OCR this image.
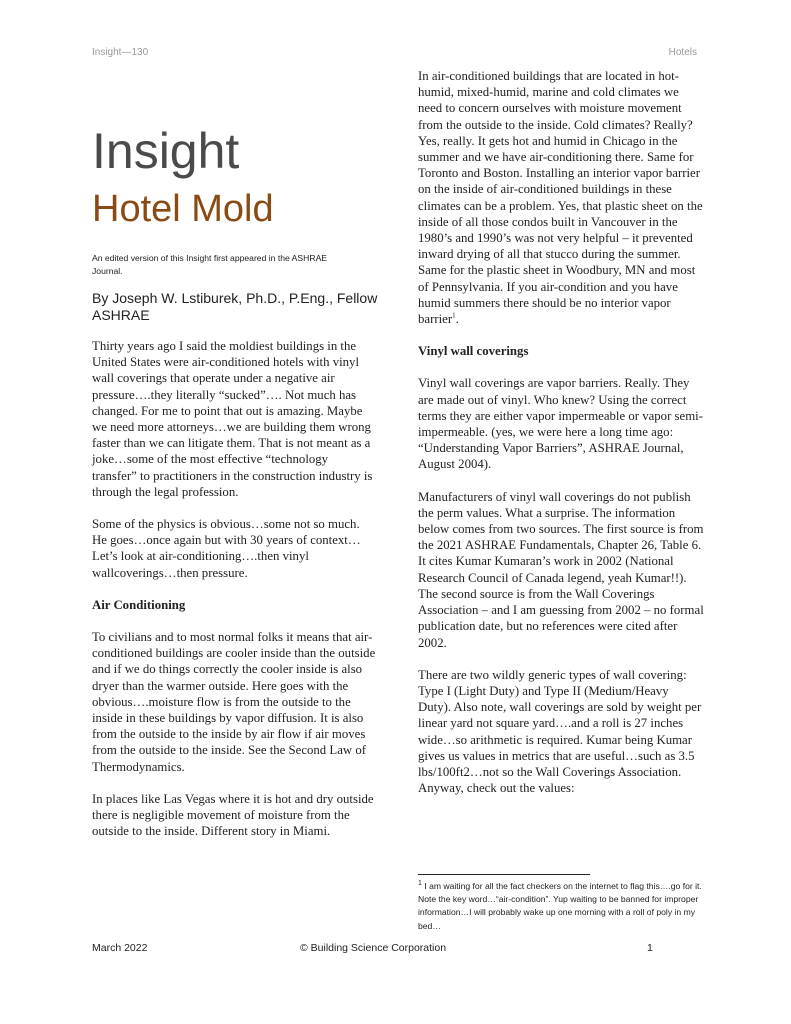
Insight—130	Hotels
Insight
Hotel Mold
An edited version of this Insight first appeared in the ASHRAE Journal.
By Joseph W. Lstiburek, Ph.D., P.Eng., Fellow ASHRAE

Thirty years ago I said the moldiest buildings in the United States were air-conditioned hotels with vinyl wall coverings that operate under a negative air pressure….they literally “sucked”…. Not much has changed. For me to point that out is amazing. Maybe we need more attorneys…we are building them wrong faster than we can litigate them. That is not meant as a joke…some of the most effective “technology transfer” to practitioners in the construction industry is through the legal profession.

Some of the physics is obvious…some not so much. He goes…once again but with 30 years of context…

Let’s look at air-conditioning….then vinyl wallcoverings…then pressure.

Air Conditioning

To civilians and to most normal folks it means that air-conditioned buildings are cooler inside than the outside and if we do things correctly the cooler inside is also dryer than the warmer outside. Here goes with the obvious….moisture flow is from the outside to the inside in these buildings by vapor diffusion. It is also from the outside to the inside by air flow if air moves from the outside to the inside. See the Second Law of Thermodynamics.

In places like Las Vegas where it is hot and dry outside there is negligible movement of moisture from the outside to the inside. Different story in Miami.

In air-conditioned buildings that are located in hot-humid, mixed-humid, marine and cold climates we need to concern ourselves with moisture movement from the outside to the inside. Cold climates? Really? Yes, really. It gets hot and humid in Chicago in the summer and we have air-conditioning there. Same for Toronto and Boston. Installing an interior vapor barrier on the inside of air-conditioned buildings in these climates can be a problem. Yes, that plastic sheet on the inside of all those condos built in Vancouver in the 1980’s and 1990’s was not very helpful – it prevented inward drying of all that stucco during the summer. Same for the plastic sheet in Woodbury, MN and most of Pennsylvania. If you air-condition and you have humid summers there should be no interior vapor barrier$^1$.

Vinyl wall coverings

Vinyl wall coverings are vapor barriers. Really. They are made out of vinyl. Who knew? Using the correct terms they are either vapor impermeable or vapor semi-impermeable. (yes, we were here a long time ago: “Understanding Vapor Barriers”, ASHRAE Journal, August 2004).

Manufacturers of vinyl wall coverings do not publish the perm values. What a surprise. The information below comes from two sources. The first source is from the 2021 ASHRAE Fundamentals, Chapter 26, Table 6. It cites Kumar Kumaran’s work in 2002 (National Research Council of Canada legend, yeah Kumar!!). The second source is from the Wall Coverings Association – and I am guessing from 2002 – no formal publication date, but no references were cited after 2002.

There are two wildly generic types of wall covering: Type I (Light Duty) and Type II (Medium/Heavy Duty). Also note, wall coverings are sold by weight per linear yard not square yard….and a roll is 27 inches wide…so arithmetic is required. Kumar being Kumar gives us values in metrics that are useful…such as 3.5 lbs/100ft2…not so the Wall Coverings Association. Anyway, check out the values:

$^1$ I am waiting for all the fact checkers on the internet to flag this….go for it. Note the key word…“air-condition”. Yup waiting to be banned for improper information…I will probably wake up one morning with a roll of poly in my bed…
March 2022	© Building Science Corporation	1
